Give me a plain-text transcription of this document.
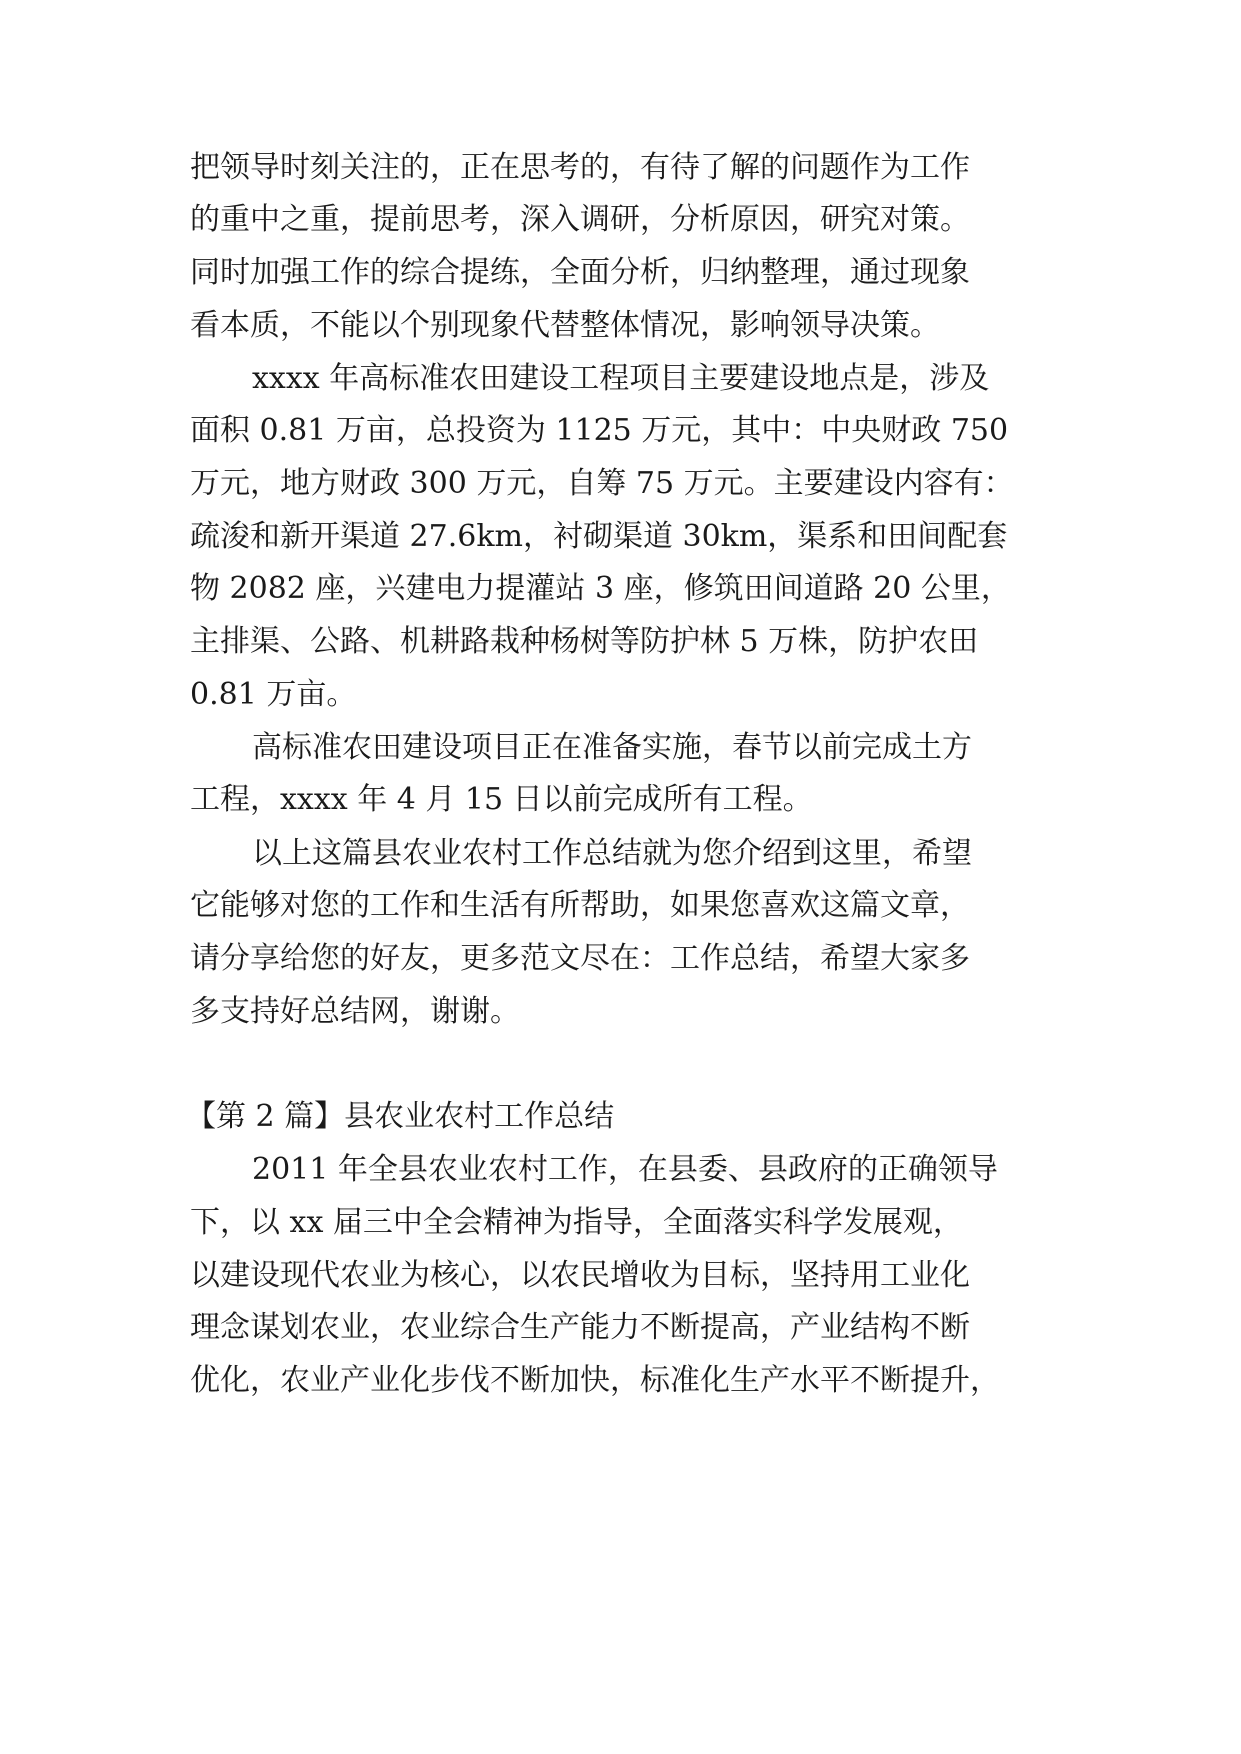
把领导时刻关注的，正在思考的，有待了解的问题作为工作
的重中之重，提前思考，深入调研，分析原因，研究对策。
同时加强工作的综合提练，全面分析，归纳整理，通过现象
看本质，不能以个别现象代替整体情况，影响领导决策。
xxxx 年高标准农田建设工程项目主要建设地点是，涉及
面积 0.81 万亩，总投资为 1125 万元，其中：中央财政 750
万元，地方财政 300 万元，自筹 75 万元。主要建设内容有：
疏浚和新开渠道 27.6km，衬砌渠道 30km，渠系和田间配套
物 2082 座，兴建电力提灌站 3 座，修筑田间道路 20 公里，
主排渠、公路、机耕路栽种杨树等防护林 5 万株，防护农田
0.81 万亩。
高标准农田建设项目正在准备实施，春节以前完成土方
工程，xxxx 年 4 月 15 日以前完成所有工程。
以上这篇县农业农村工作总结就为您介绍到这里，希望
它能够对您的工作和生活有所帮助，如果您喜欢这篇文章，
请分享给您的好友，更多范文尽在：工作总结，希望大家多
多支持好总结网，谢谢。
【第 2 篇】县农业农村工作总结
2011 年全县农业农村工作，在县委、县政府的正确领导
下，以 xx 届三中全会精神为指导，全面落实科学发展观，
以建设现代农业为核心，以农民增收为目标，坚持用工业化
理念谋划农业，农业综合生产能力不断提高，产业结构不断
优化，农业产业化步伐不断加快，标准化生产水平不断提升，
